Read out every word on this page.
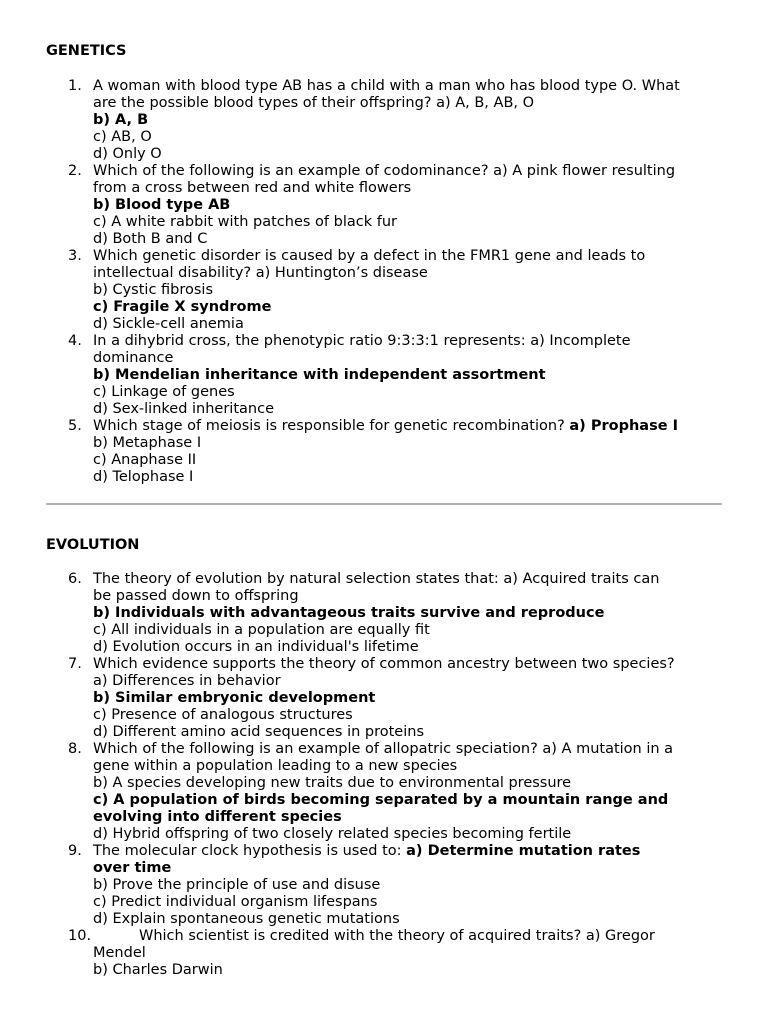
GENETICS
1. A woman with blood type AB has a child with a man who has blood type O. What
are the possible blood types of their offspring? a) A, B, AB, O
b) A, B
c) AB, O
d) Only O
2. Which of the following is an example of codominance? a) A pink flower resulting
from a cross between red and white flowers
b) Blood type AB
c) A white rabbit with patches of black fur
d) Both B and C
3. Which genetic disorder is caused by a defect in the FMR1 gene and leads to
intellectual disability? a) Huntington’s disease
b) Cystic fibrosis
c) Fragile X syndrome
d) Sickle-cell anemia
4. In a dihybrid cross, the phenotypic ratio 9:3:3:1 represents: a) Incomplete
dominance
b) Mendelian inheritance with independent assortment
c) Linkage of genes
d) Sex-linked inheritance
5. Which stage of meiosis is responsible for genetic recombination? a) Prophase I
b) Metaphase I
c) Anaphase II
d) Telophase I
EVOLUTION
6. The theory of evolution by natural selection states that: a) Acquired traits can
be passed down to offspring
b) Individuals with advantageous traits survive and reproduce
c) All individuals in a population are equally fit
d) Evolution occurs in an individual's lifetime
7. Which evidence supports the theory of common ancestry between two species?
a) Differences in behavior
b) Similar embryonic development
c) Presence of analogous structures
d) Different amino acid sequences in proteins
8. Which of the following is an example of allopatric speciation? a) A mutation in a
gene within a population leading to a new species
b) A species developing new traits due to environmental pressure
c) A population of birds becoming separated by a mountain range and
evolving into different species
d) Hybrid offspring of two closely related species becoming fertile
9. The molecular clock hypothesis is used to: a) Determine mutation rates
over time
b) Prove the principle of use and disuse
c) Predict individual organism lifespans
d) Explain spontaneous genetic mutations
10.	Which scientist is credited with the theory of acquired traits? a) Gregor
Mendel
b) Charles Darwin
